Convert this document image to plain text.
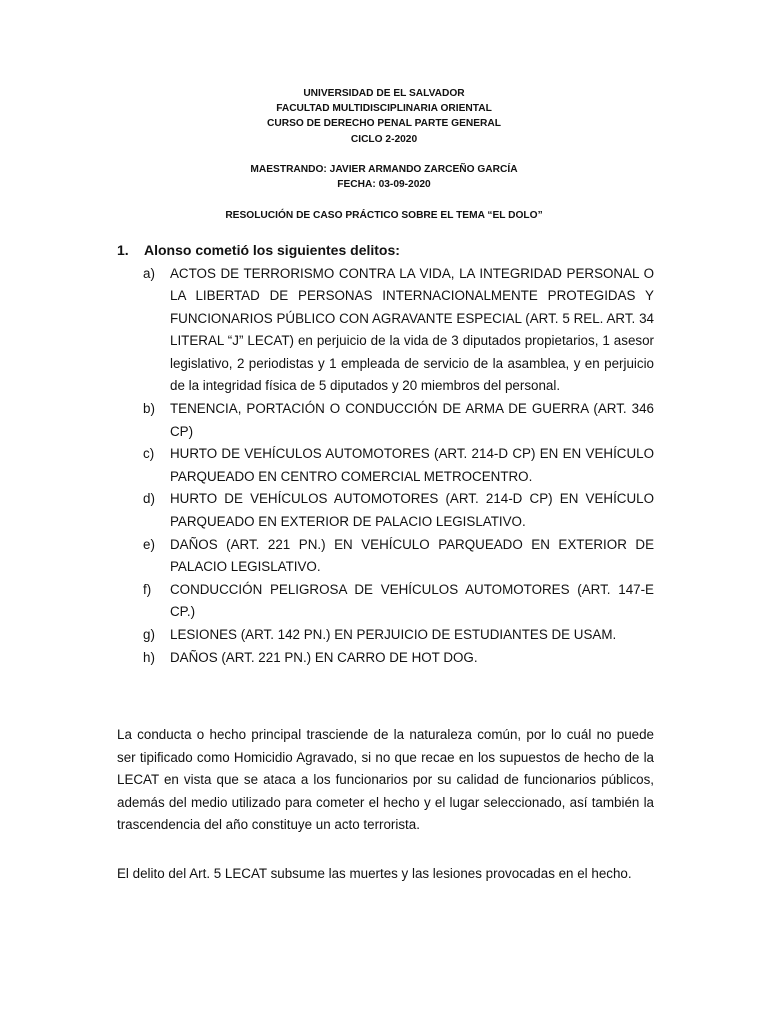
UNIVERSIDAD DE EL SALVADOR
FACULTAD MULTIDISCIPLINARIA ORIENTAL
CURSO DE DERECHO PENAL PARTE GENERAL
CICLO 2-2020
MAESTRANDO: JAVIER ARMANDO ZARCEÑO GARCÍA
FECHA: 03-09-2020
RESOLUCIÓN DE CASO PRÁCTICO SOBRE EL TEMA “EL DOLO”
1. Alonso cometió los siguientes delitos:
a) ACTOS DE TERRORISMO CONTRA LA VIDA, LA INTEGRIDAD PERSONAL O LA LIBERTAD DE PERSONAS INTERNACIONALMENTE PROTEGIDAS Y FUNCIONARIOS PÚBLICO CON AGRAVANTE ESPECIAL (ART. 5 REL. ART. 34 LITERAL “J” LECAT) en perjuicio de la vida de 3 diputados propietarios, 1 asesor legislativo, 2 periodistas y 1 empleada de servicio de la asamblea, y en perjuicio de la integridad física de 5 diputados y 20 miembros del personal.
b) TENENCIA, PORTACIÓN O CONDUCCIÓN DE ARMA DE GUERRA (ART. 346 CP)
c) HURTO DE VEHÍCULOS AUTOMOTORES (ART. 214-D CP) EN EN VEHÍCULO PARQUEADO EN CENTRO COMERCIAL METROCENTRO.
d) HURTO DE VEHÍCULOS AUTOMOTORES (ART. 214-D CP) EN VEHÍCULO PARQUEADO EN EXTERIOR DE PALACIO LEGISLATIVO.
e) DAÑOS (ART. 221 PN.) EN VEHÍCULO PARQUEADO EN EXTERIOR DE PALACIO LEGISLATIVO.
f) CONDUCCIÓN PELIGROSA DE VEHÍCULOS AUTOMOTORES (ART. 147-E CP.)
g) LESIONES (ART. 142 PN.) EN PERJUICIO DE ESTUDIANTES DE USAM.
h) DAÑOS (ART. 221 PN.) EN CARRO DE HOT DOG.

La conducta o hecho principal trasciende de la naturaleza común, por lo cuál no puede ser tipificado como Homicidio Agravado, si no que recae en los supuestos de hecho de la LECAT en vista que se ataca a los funcionarios por su calidad de funcionarios públicos, además del medio utilizado para cometer el hecho y el lugar seleccionado, así también la trascendencia del año constituye un acto terrorista.

El delito del Art. 5 LECAT subsume las muertes y las lesiones provocadas en el hecho.
